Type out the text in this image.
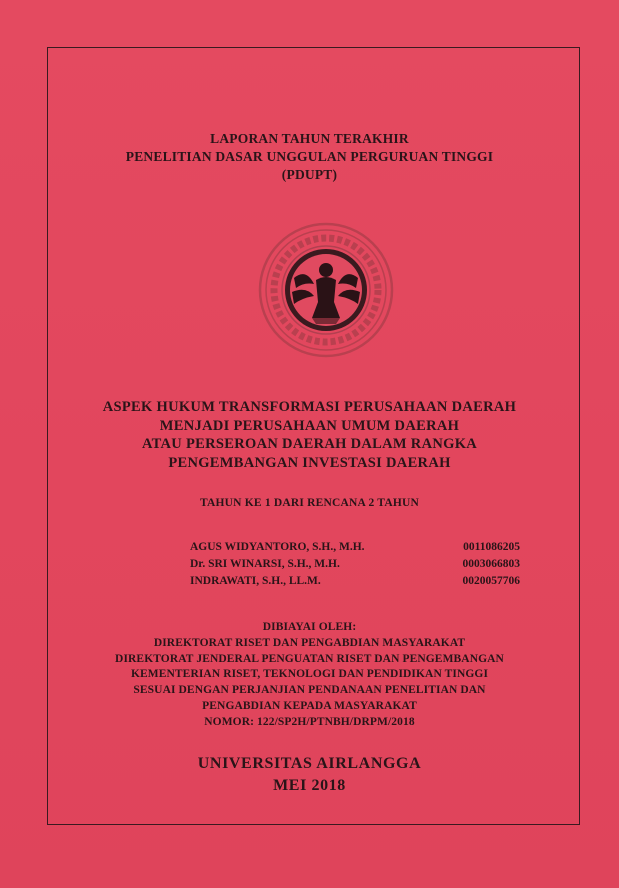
LAPORAN TAHUN TERAKHIR
PENELITIAN DASAR UNGGULAN PERGURUAN TINGGI
(PDUPT)
ASPEK HUKUM TRANSFORMASI PERUSAHAAN DAERAH
MENJADI PERUSAHAAN UMUM DAERAH
ATAU PERSEROAN DAERAH DALAM RANGKA
PENGEMBANGAN INVESTASI DAERAH
TAHUN KE 1 DARI RENCANA 2 TAHUN
AGUS WIDYANTORO, S.H., M.H.	0011086205
Dr. SRI WINARSI, S.H., M.H.	0003066803
INDRAWATI, S.H., LL.M.	0020057706
DIBIAYAI OLEH:
DIREKTORAT RISET DAN PENGABDIAN MASYARAKAT
DIREKTORAT JENDERAL PENGUATAN RISET DAN PENGEMBANGAN
KEMENTERIAN RISET, TEKNOLOGI DAN PENDIDIKAN TINGGI
SESUAI DENGAN PERJANJIAN PENDANAAN PENELITIAN DAN
PENGABDIAN KEPADA MASYARAKAT
NOMOR: 122/SP2H/PTNBH/DRPM/2018
UNIVERSITAS AIRLANGGA
MEI 2018
